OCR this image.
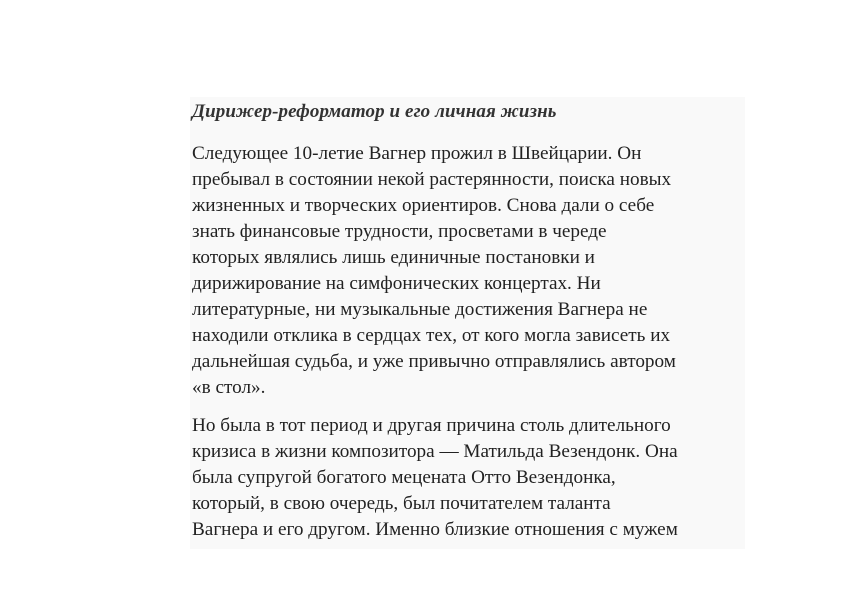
Дирижер-реформатор и его личная жизнь

Следующее 10-летие Вагнер прожил в Швейцарии. Он
пребывал в состоянии некой растерянности, поиска новых
жизненных и творческих ориентиров. Снова дали о себе
знать финансовые трудности, просветами в череде
которых являлись лишь единичные постановки и
дирижирование на симфонических концертах. Ни
литературные, ни музыкальные достижения Вагнера не
находили отклика в сердцах тех, от кого могла зависеть их
дальнейшая судьба, и уже привычно отправлялись автором
«в стол».

Но была в тот период и другая причина столь длительного
кризиса в жизни композитора — Матильда Везендонк. Она
была супругой богатого мецената Отто Везендонка,
который, в свою очередь, был почитателем таланта
Вагнера и его другом. Именно близкие отношения с мужем
